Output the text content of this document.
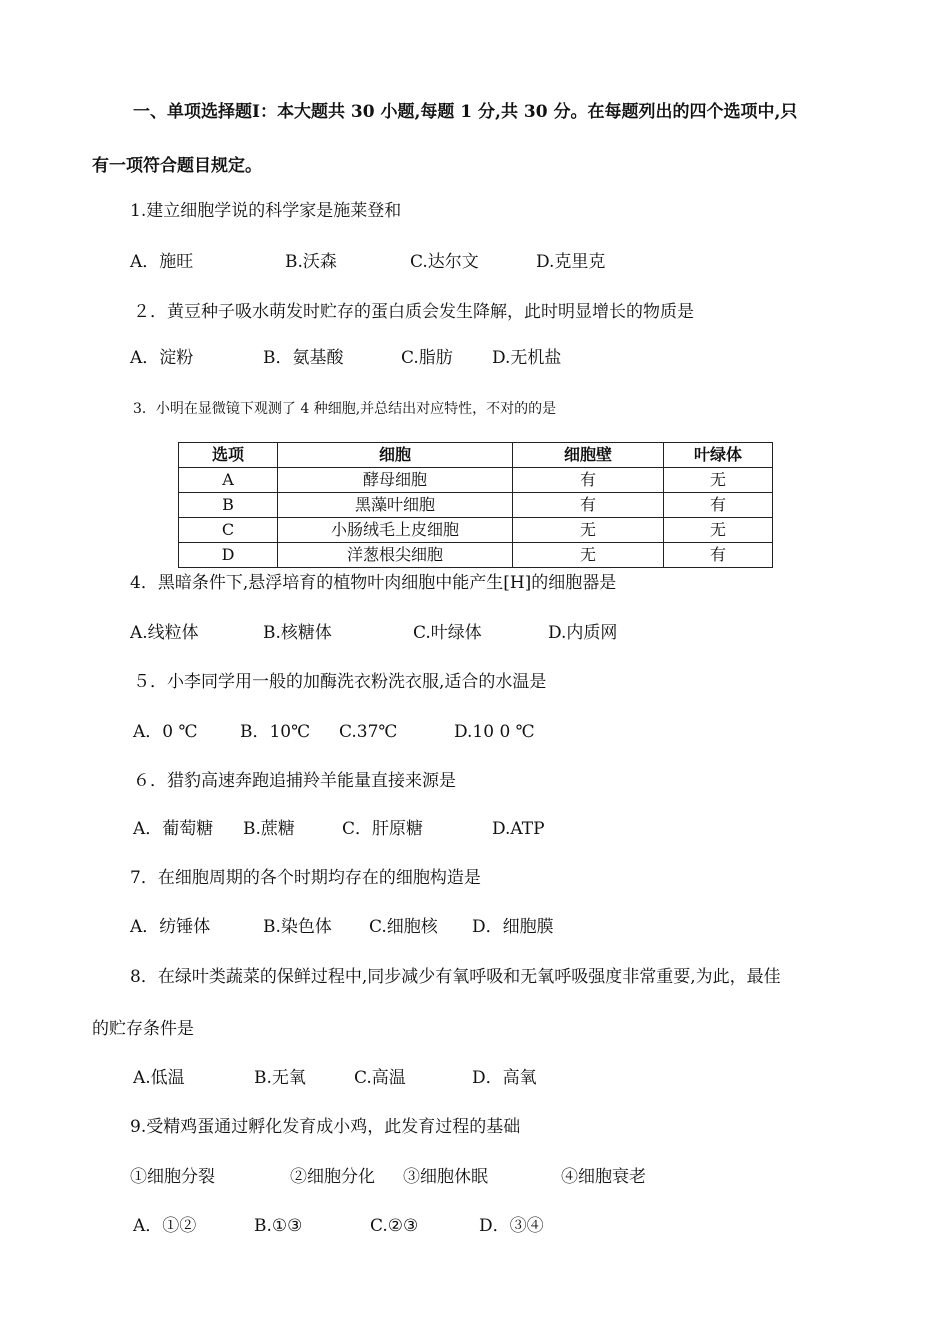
一、单项选择题Ⅰ：本大题共 30 小题,每题 1 分,共 30 分。在每题列出的四个选项中,只
有一项符合题目规定。
1.建立细胞学说的科学家是施莱登和
A．施旺	B.沃森	C.达尔文	D.克里克
２．黄豆种子吸水萌发时贮存的蛋白质会发生降解，此时明显增长的物质是
A．淀粉	B．氨基酸	C.脂肪 D.无机盐
3．小明在显微镜下观测了 4 种细胞,并总结出对应特性，不对的的是
选项	细胞	细胞壁	叶绿体
A	酵母细胞	有	无
B	黑藻叶细胞	有	有
C	小肠绒毛上皮细胞	无	无
D	洋葱根尖细胞	无	有
4．黑暗条件下,悬浮培育的植物叶肉细胞中能产生[H]的细胞器是
A.线粒体	B.核糖体	C.叶绿体	D.内质网
５．小李同学用一般的加酶洗衣粉洗衣服,适合的水温是
A．0 ℃ B．10℃ C.37℃	D.10 0 ℃
６．猎豹高速奔跑追捕羚羊能量直接来源是
A．葡萄糖 B.蔗糖	C．肝原糖	D.ATP
7．在细胞周期的各个时期均存在的细胞构造是
A．纺锤体	B.染色体 C.细胞核 D．细胞膜
8．在绿叶类蔬菜的保鲜过程中,同步减少有氧呼吸和无氧呼吸强度非常重要,为此，最佳
的贮存条件是
A.低温	B.无氧	C.高温	D．高氧
9.受精鸡蛋通过孵化发育成小鸡，此发育过程的基础
①细胞分裂	②细胞分化 ③细胞休眠	④细胞衰老
A．①②	B.①③	C.②③	D．③④
